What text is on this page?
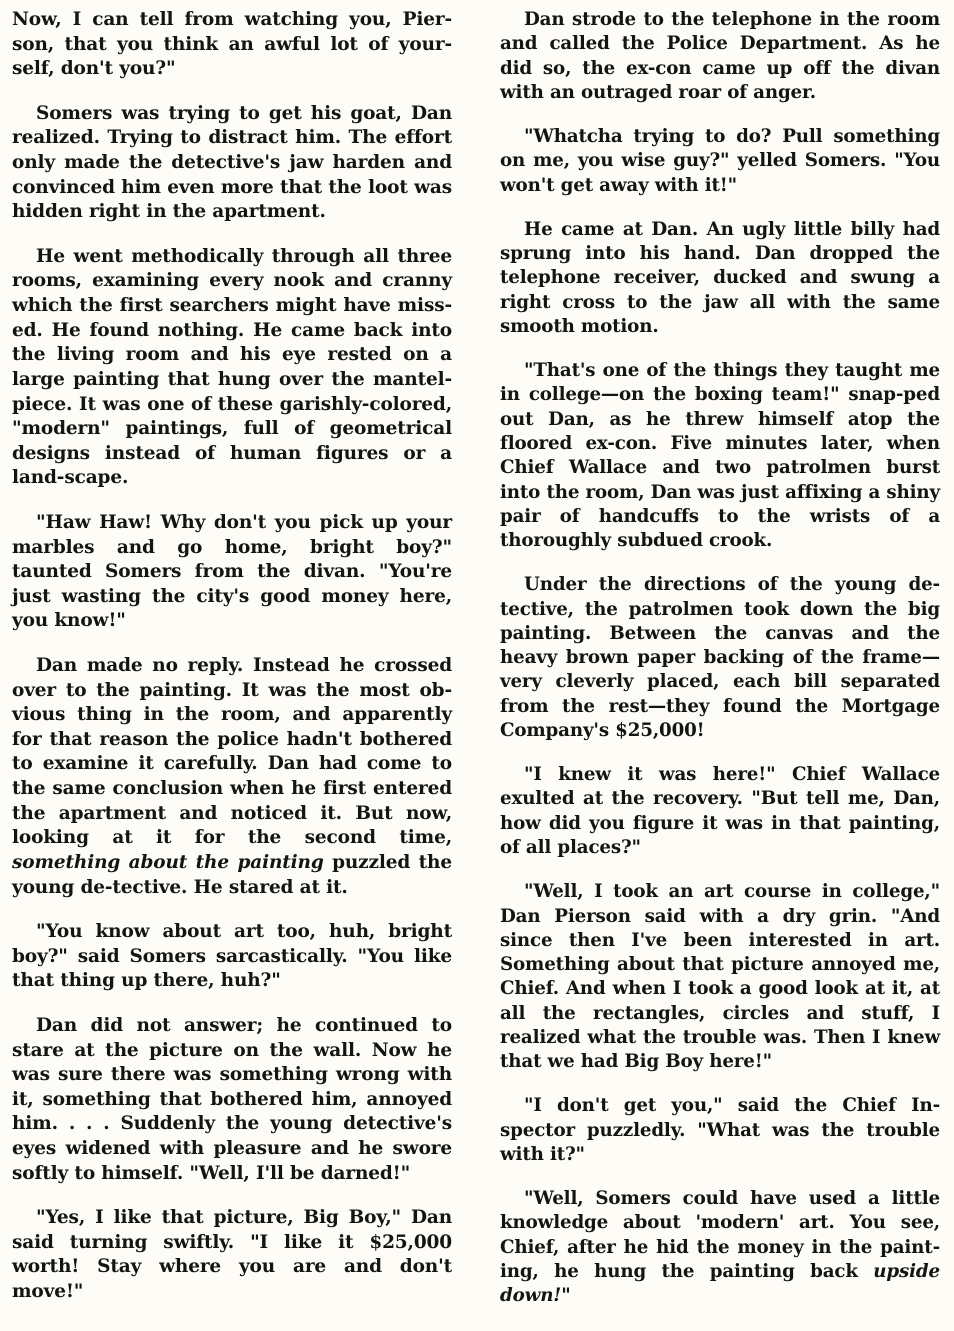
Now, I can tell from watching you, Pier-son, that you think an awful lot of your-self, don't you?"

Somers was trying to get his goat, Dan realized. Trying to distract him. The effort only made the detective's jaw harden and convinced him even more that the loot was hidden right in the apartment.

He went methodically through all three rooms, examining every nook and cranny which the first searchers might have miss-ed. He found nothing. He came back into the living room and his eye rested on a large painting that hung over the mantel-piece. It was one of these garishly-colored, "modern" paintings, full of geometrical designs instead of human figures or a land-scape.

"Haw Haw! Why don't you pick up your marbles and go home, bright boy?" taunted Somers from the divan. "You're just wasting the city's good money here, you know!"

Dan made no reply. Instead he crossed over to the painting. It was the most ob-vious thing in the room, and apparently for that reason the police hadn't bothered to examine it carefully. Dan had come to the same conclusion when he first entered the apartment and noticed it. But now, looking at it for the second time, something about the painting puzzled the young de-tective. He stared at it.

"You know about art too, huh, bright boy?" said Somers sarcastically. "You like that thing up there, huh?"

Dan did not answer; he continued to stare at the picture on the wall. Now he was sure there was something wrong with it, something that bothered him, annoyed him. . . . Suddenly the young detective's eyes widened with pleasure and he swore softly to himself. "Well, I'll be darned!"

"Yes, I like that picture, Big Boy," Dan said turning swiftly. "I like it $25,000 worth! Stay where you are and don't move!"

Dan strode to the telephone in the room and called the Police Department. As he did so, the ex-con came up off the divan with an outraged roar of anger.

"Whatcha trying to do? Pull something on me, you wise guy?" yelled Somers. "You won't get away with it!"

He came at Dan. An ugly little billy had sprung into his hand. Dan dropped the telephone receiver, ducked and swung a right cross to the jaw all with the same smooth motion.

"That's one of the things they taught me in college—on the boxing team!" snap-ped out Dan, as he threw himself atop the floored ex-con. Five minutes later, when Chief Wallace and two patrolmen burst into the room, Dan was just affixing a shiny pair of handcuffs to the wrists of a thoroughly subdued crook.

Under the directions of the young de-tective, the patrolmen took down the big painting. Between the canvas and the heavy brown paper backing of the frame—very cleverly placed, each bill separated from the rest—they found the Mortgage Company's $25,000!

"I knew it was here!" Chief Wallace exulted at the recovery. "But tell me, Dan, how did you figure it was in that painting, of all places?"

"Well, I took an art course in college," Dan Pierson said with a dry grin. "And since then I've been interested in art. Something about that picture annoyed me, Chief. And when I took a good look at it, at all the rectangles, circles and stuff, I realized what the trouble was. Then I knew that we had Big Boy here!"

"I don't get you," said the Chief In-spector puzzledly. "What was the trouble with it?"

"Well, Somers could have used a little knowledge about 'modern' art. You see, Chief, after he hid the money in the paint-ing, he hung the painting back upside down!"
